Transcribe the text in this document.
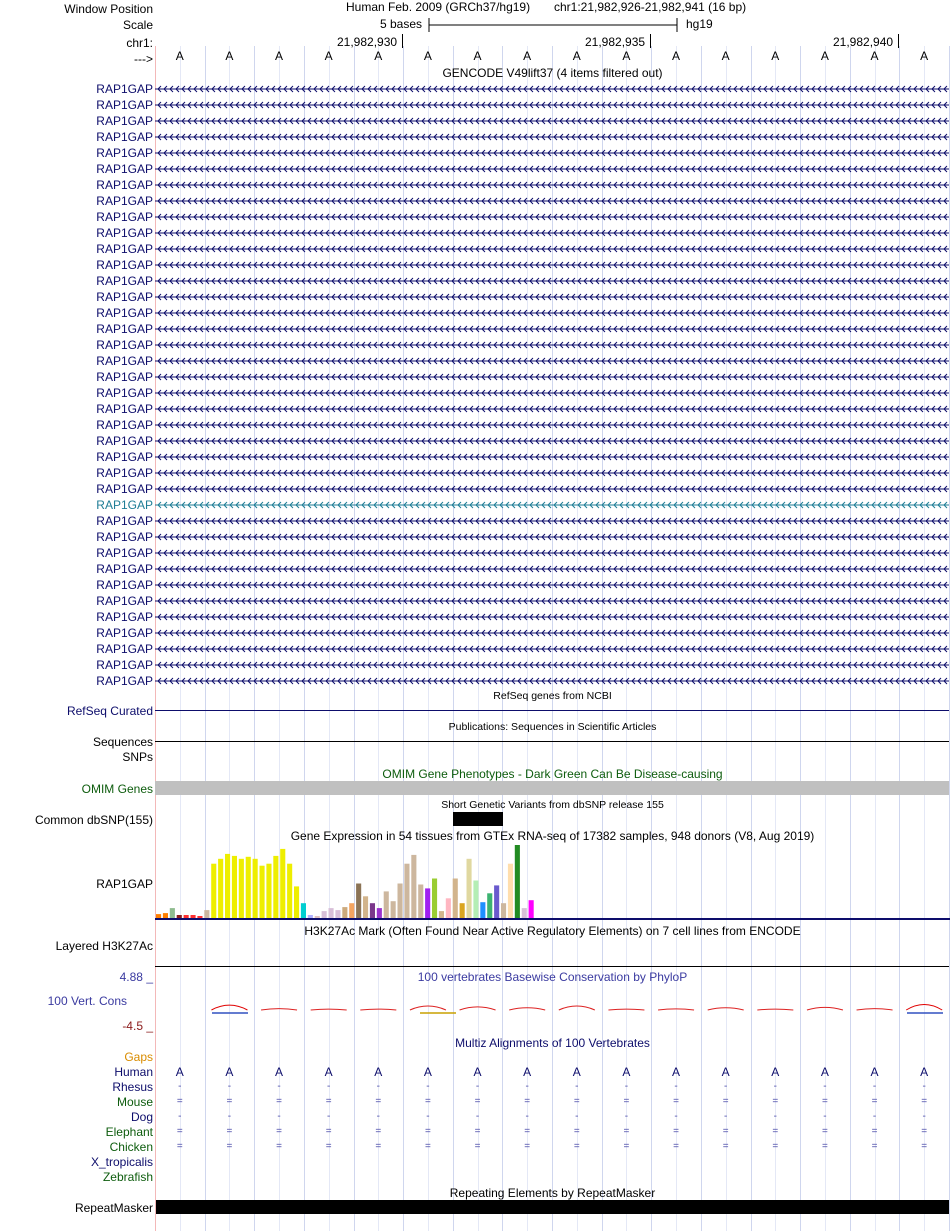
Window Position	Human Feb. 2009 (GRCh37/hg19) chr1:21,982,926-21,982,941 (16 bp)
Scale	5 bases	hg19
chr1:	21,982,930	21,982,935	21,982,940
--->	A	A	A	A	A	A	A	A	A	A	A	A	A	A	A	A
GENCODE V49lift37 (4 items filtered out)
RAP1GAP
RAP1GAP
RAP1GAP
RAP1GAP
RAP1GAP
RAP1GAP
RAP1GAP
RAP1GAP
RAP1GAP
RAP1GAP
RAP1GAP
RAP1GAP
RAP1GAP
RAP1GAP
RAP1GAP
RAP1GAP
RAP1GAP
RAP1GAP
RAP1GAP
RAP1GAP
RAP1GAP
RAP1GAP
RAP1GAP
RAP1GAP
RAP1GAP
RAP1GAP
RAP1GAP
RAP1GAP
RAP1GAP
RAP1GAP
RAP1GAP
RAP1GAP
RAP1GAP
RAP1GAP
RAP1GAP
RAP1GAP
RAP1GAP
RAP1GAP
RefSeq genes from NCBI
RefSeq Curated
Publications: Sequences in Scientific Articles
Sequences
SNPs
OMIM Gene Phenotypes - Dark Green Can Be Disease-causing
OMIM Genes
Short Genetic Variants from dbSNP release 155
Common dbSNP(155)
Gene Expression in 54 tissues from GTEx RNA-seq of 17382 samples, 948 donors (V8, Aug 2019)
RAP1GAP
H3K27Ac Mark (Often Found Near Active Regulatory Elements) on 7 cell lines from ENCODE
Layered H3K27Ac
100 vertebrates Basewise Conservation by PhyloP
4.88 _
100 Vert. Cons
-4.5 _
Multiz Alignments of 100 Vertebrates
Gaps
Human	A	A	A	A	A	A	A	A	A	A	A	A	A	A	A	A
Rhesus	-	-	-	-	-	-	-	-	-	-	-	-	-	-	-	-
Mouse	=	=	=	=	=	=	=	=	=	=	=	=	=	=	=	=
Dog	-	-	-	-	-	-	-	-	-	-	-	-	-	-	-	-
Elephant	=	=	=	=	=	=	=	=	=	=	=	=	=	=	=	=
Chicken	=	=	=	=	=	=	=	=	=	=	=	=	=	=	=	=
X_tropicalis
Zebrafish
Repeating Elements by RepeatMasker
RepeatMasker
